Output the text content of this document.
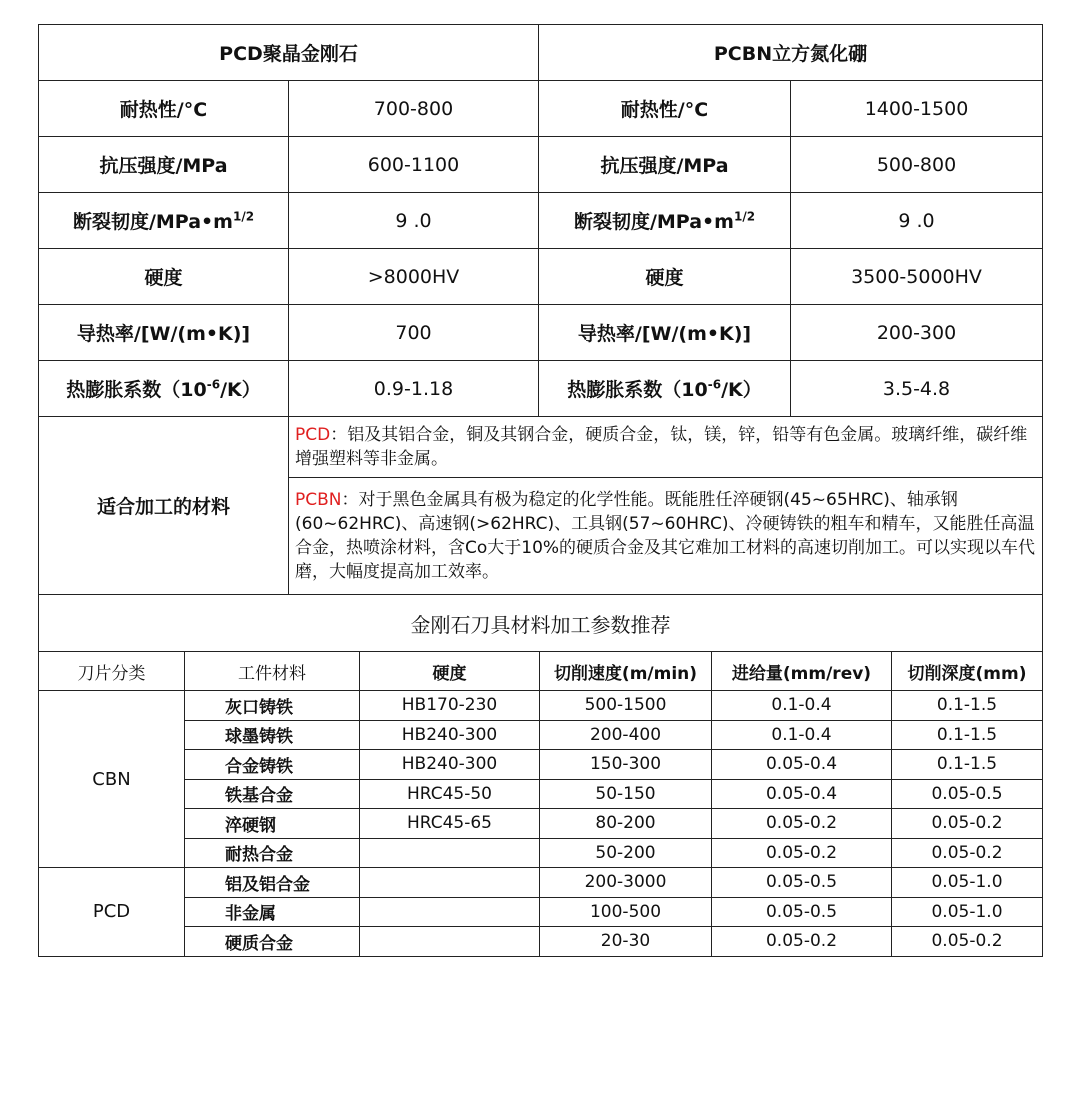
PCD聚晶金刚石		PCBN立方氮化硼	
耐热性/°C	700-800	耐热性/°C	1400-1500
抗压强度/MPa	600-1100	抗压强度/MPa	500-800
断裂韧度$/MPa•m^{1/2}$	9 .0	断裂韧度$/MPa•m^{1/2}$	9 .0
硬度	>8000HV	硬度	3500-5000HV
导热率/[W/(m•K)]	700	导热率/[W/(m•K)]	200-300
热膨胀系数$(10^{-6}/K)$	0.9-1.18	热膨胀系数$(10^{-6}/K)$	3.5-4.8
适合加工的材料	PCD：铝及其铝合金，铜及其钢合金，硬质合金，钛，镁，锌，铅等有色金属。玻璃纤维，碳纤维增强塑料等非金属。		
	PCBN：对于黑色金属具有极为稳定的化学性能。既能胜任淬硬钢(45~65HRC)、轴承钢(60~62HRC)、高速钢(>62HRC)、工具钢(57~60HRC)、冷硬铸铁的粗车和精车，又能胜任高温合金，热喷涂材料，含Co大于10%的硬质合金及其它难加工材料的高速切削加工。可以实现以车代磨，大幅度提高加工效率。		
金刚石刀具材料加工参数推荐					
刀片分类	工件材料	硬度	切削速度(m/min)	进给量(mm/rev)	切削深度(mm)
CBN	灰口铸铁	HB170-230	500-1500	0.1-0.4	0.1-1.5
	球墨铸铁	HB240-300	200-400	0.1-0.4	0.1-1.5
	合金铸铁	HB240-300	150-300	0.05-0.4	0.1-1.5
	铁基合金	HRC45-50	50-150	0.05-0.4	0.05-0.5
	淬硬钢	HRC45-65	80-200	0.05-0.2	0.05-0.2
	耐热合金		50-200	0.05-0.2	0.05-0.2
PCD	铝及铝合金		200-3000	0.05-0.5	0.05-1.0
	非金属		100-500	0.05-0.5	0.05-1.0
	硬质合金		20-30	0.05-0.2	0.05-0.2
